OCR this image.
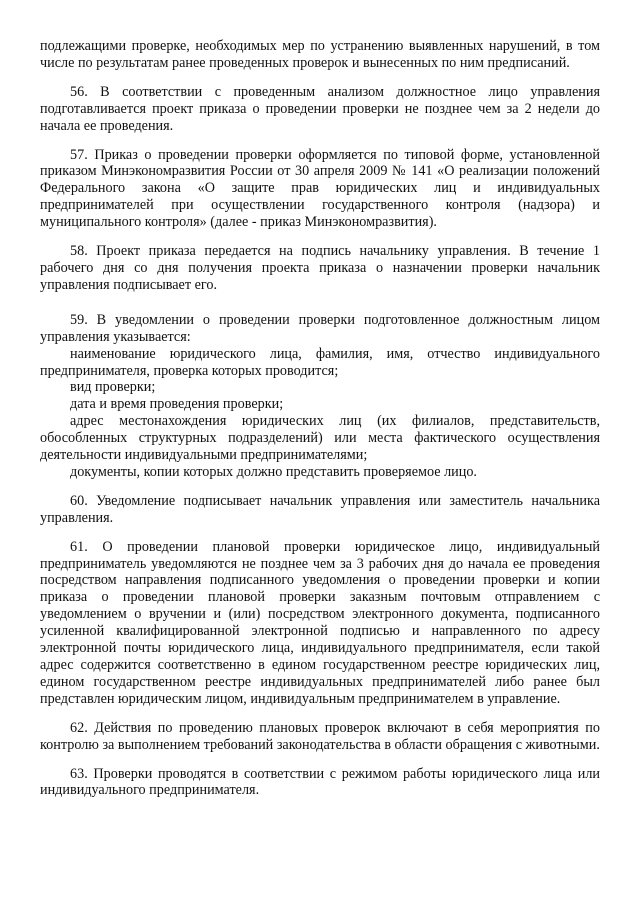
подлежащими проверке, необходимых мер по устранению выявленных нарушений, в том числе по результатам ранее проведенных проверок и вынесенных по ним предписаний.

56. В соответствии с проведенным анализом должностное лицо управления подготавливается проект приказа о проведении проверки не позднее чем за 2 недели до начала ее проведения.

57. Приказ о проведении проверки оформляется по типовой форме, установленной приказом Минэкономразвития России от 30 апреля 2009 № 141 «О реализации положений Федерального закона «О защите прав юридических лиц и индивидуальных предпринимателей при осуществлении государственного контроля (надзора) и муниципального контроля» (далее - приказ Минэкономразвития).

58. Проект приказа передается на подпись начальнику управления. В течение 1 рабочего дня со дня получения проекта приказа о назначении проверки начальник управления подписывает его.

59. В уведомлении о проведении проверки подготовленное должностным лицом управления указывается:

наименование юридического лица, фамилия, имя, отчество индивидуального предпринимателя, проверка которых проводится;

вид проверки;

дата и время проведения проверки;

адрес местонахождения юридических лиц (их филиалов, представительств, обособленных структурных подразделений) или места фактического осуществления деятельности индивидуальными предпринимателями;

документы, копии которых должно представить проверяемое лицо.

60. Уведомление подписывает начальник управления или заместитель начальника управления.

61. О проведении плановой проверки юридическое лицо, индивидуальный предприниматель уведомляются не позднее чем за 3 рабочих дня до начала ее проведения посредством направления подписанного уведомления о проведении проверки и копии приказа о проведении плановой проверки заказным почтовым отправлением с уведомлением о вручении и (или) посредством электронного документа, подписанного усиленной квалифицированной электронной подписью и направленного по адресу электронной почты юридического лица, индивидуального предпринимателя, если такой адрес содержится соответственно в едином государственном реестре юридических лиц, едином государственном реестре индивидуальных предпринимателей либо ранее был представлен юридическим лицом, индивидуальным предпринимателем в управление.

62. Действия по проведению плановых проверок включают в себя мероприятия по контролю за выполнением требований законодательства в области обращения с животными.

63. Проверки проводятся в соответствии с режимом работы юридического лица или индивидуального предпринимателя.
